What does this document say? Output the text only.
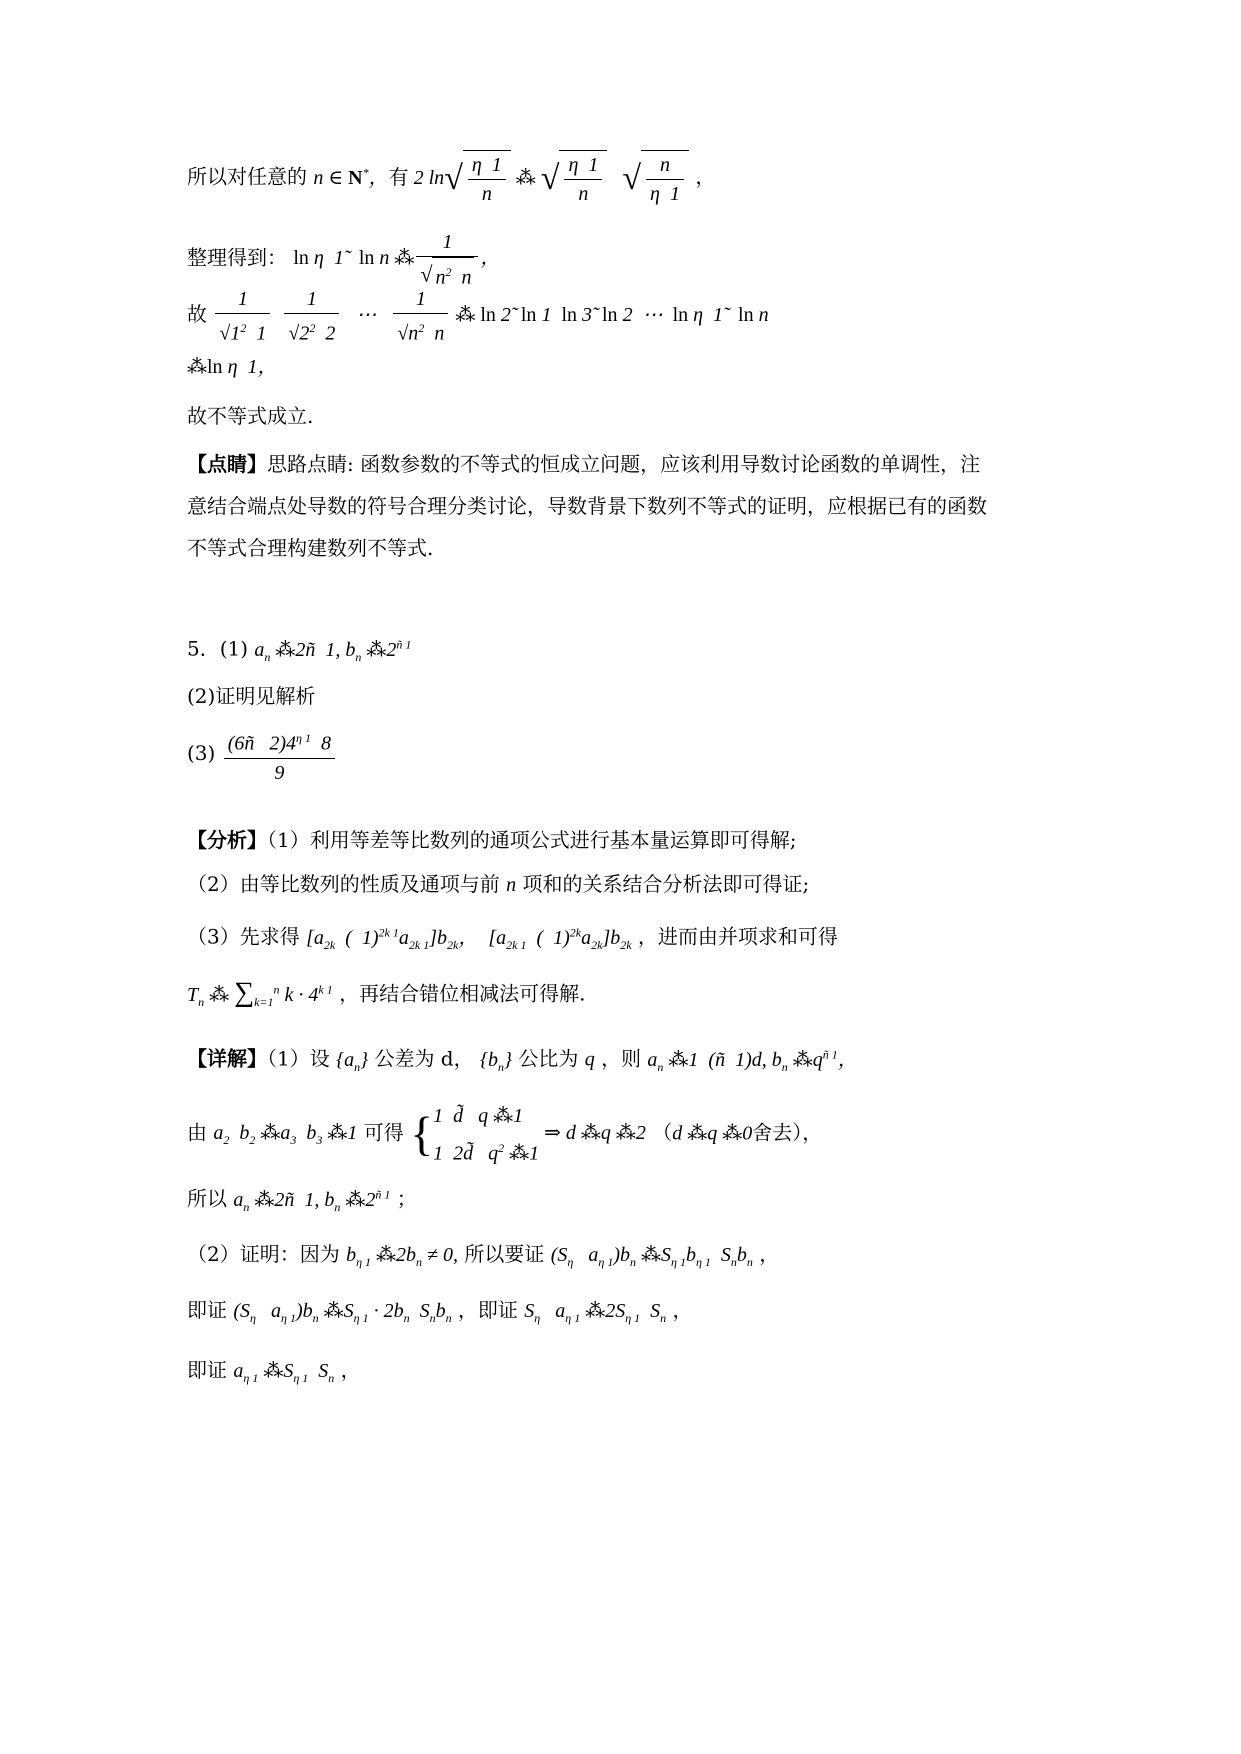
所以对任意的 n ∈ N*，有 2 $\ln√ \frac{\eta 1}{n}$ ⁂ √ $\frac{\eta 1}{n}$ √ $\frac{n}{\eta 1}$ ，
整理得到： ln η  1̃   ln n ⁂ $\frac{1}{√ n^2 n}$ ，
故 $\frac{1}{√1^2 1}$
$\frac{1}{√2^2 2}$ ⋯ $\frac{1}{√n^2 n}$ ⁂ ln 2̃  ln 1  ln 3̃  ln 2  ⋯  ln η  1̃   ln n
⁂ln η  1，
故不等式成立.
【点睛】思路点睛: 函数参数的不等式的恒成立问题，应该利用导数讨论函数的单调性，注
意结合端点处导数的符号合理分类讨论，导数背景下数列不等式的证明，应根据已有的函数
不等式合理构建数列不等式.
5．(1) $a_n$ ⁂2ñ  1, $b_n$ $⁂2^{ñ 1}$
(2)证明见解析
$(3) \frac{(6ñ 2)4^{\eta 1} 8}{9}$
【分析】（1）利用等差等比数列的通项公式进行基本量运算即可得解;
（2）由等比数列的性质及通项与前 n 项和的关系结合分析法即可得证;
（3）先求得 [$a_{2k}$  (  $1)^{2k 1}a_{2k 1}]b_{2k}$，  [$a_{2k 1}$  (  $1)^{2k}a_{2k}]b_{2k}$ ，进而由并项求和可得
$T_n$ ⁂ $\sum_{k=1}^n$ $k \cdot 4^{k 1}$ ，再结合错位相减法可得解.
【详解】（1）设 $\{a_n\}$ 公差为 d， $\{b_n\}$ 公比为 q ，则 $a_n$ ⁂1  (ñ  1)d, $b_n$ $⁂q^{ñ 1}$，
由 $a_2$  $b_2$ $⁂a_3$  $b_3$ ⁂1 可得 {1  d̃   q ⁂1
1  2d̃   $q^2$ ⁂1 ⇒ d ⁂q ⁂2 （d ⁂q ⁂0舍去），
所以 $a_n$ ⁂2ñ  1, $b_n$ $⁂2^{ñ 1}$ ；
（2）证明：因为 $b_{\eta 1}$ $⁂2b_n \ne 0$, 所以要证 ($S_\eta$   $a_{\eta 1})b_n$ $⁂S_{\eta 1}b_{\eta 1}$  $S_nb_n$ ，
即证 ($S_\eta$   $a_{\eta 1})b_n$ $⁂S_{\eta 1} \cdot 2b_n$  $S_nb_n$ ，即证 $S_\eta$   $a_{\eta 1}$ $⁂2S_{\eta 1}$  $S_n$ ，
即证 $a_{\eta 1}$ $⁂S_{\eta 1}$  $S_n$ ，
